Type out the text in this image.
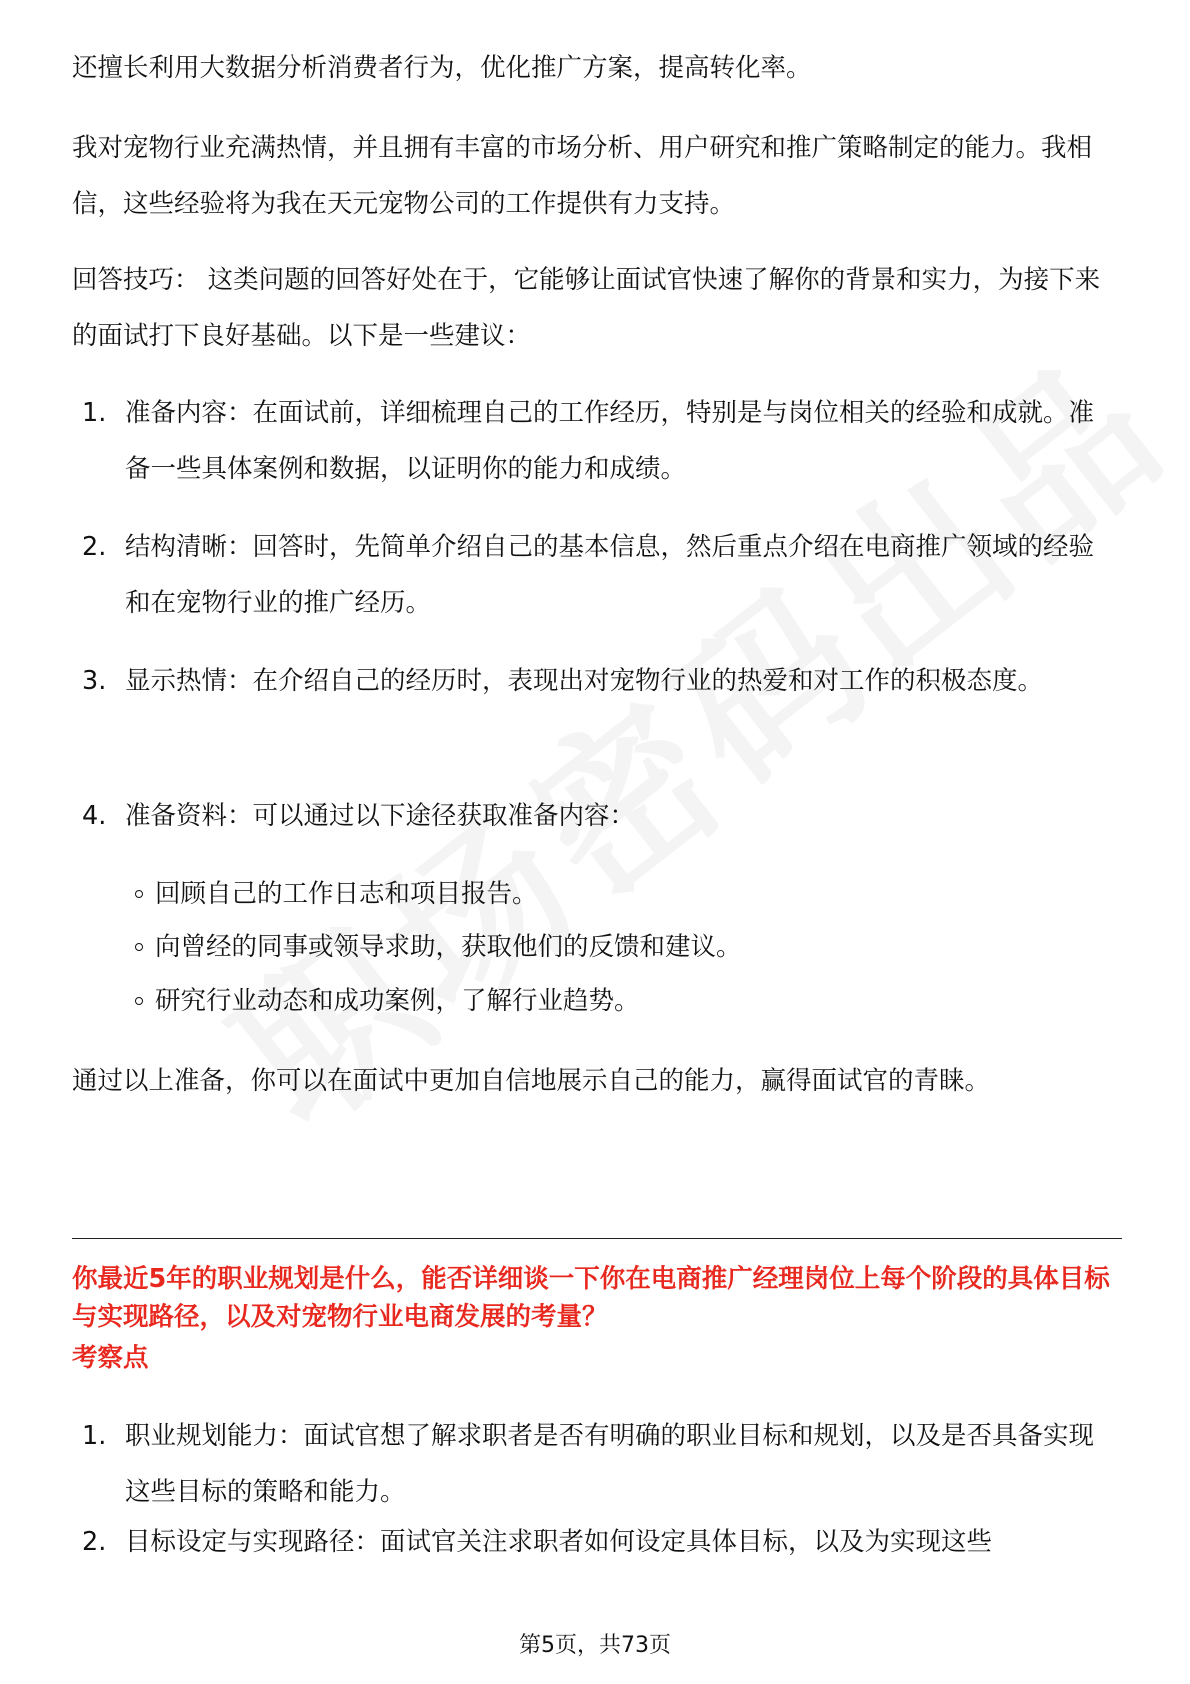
还擅长利用大数据分析消费者行为，优化推广方案，提高转化率。

我对宠物行业充满热情，并且拥有丰富的市场分析、用户研究和推广策略制定的能力。我相信，这些经验将为我在天元宠物公司的工作提供有力支持。

回答技巧： 这类问题的回答好处在于，它能够让面试官快速了解你的背景和实力，为接下来的面试打下良好基础。以下是一些建议：

1. 准备内容：在面试前，详细梳理自己的工作经历，特别是与岗位相关的经验和成就。准备一些具体案例和数据，以证明你的能力和成绩。

2. 结构清晰：回答时，先简单介绍自己的基本信息，然后重点介绍在电商推广领域的经验和在宠物行业的推广经历。

3. 显示热情：在介绍自己的经历时，表现出对宠物行业的热爱和对工作的积极态度。

4. 准备资料：可以通过以下途径获取准备内容：

回顾自己的工作日志和项目报告。
向曾经的同事或领导求助，获取他们的反馈和建议。
研究行业动态和成功案例，了解行业趋势。

通过以上准备，你可以在面试中更加自信地展示自己的能力，赢得面试官的青睐。

你最近5年的职业规划是什么，能否详细谈一下你在电商推广经理岗位上每个阶段的具体目标与实现路径，以及对宠物行业电商发展的考量？

考察点
1. 职业规划能力：面试官想了解求职者是否有明确的职业目标和规划，以及是否具备实现这些目标的策略和能力。

2. 目标设定与实现路径：面试官关注求职者如何设定具体目标，以及为实现这些

第5页，共73页
